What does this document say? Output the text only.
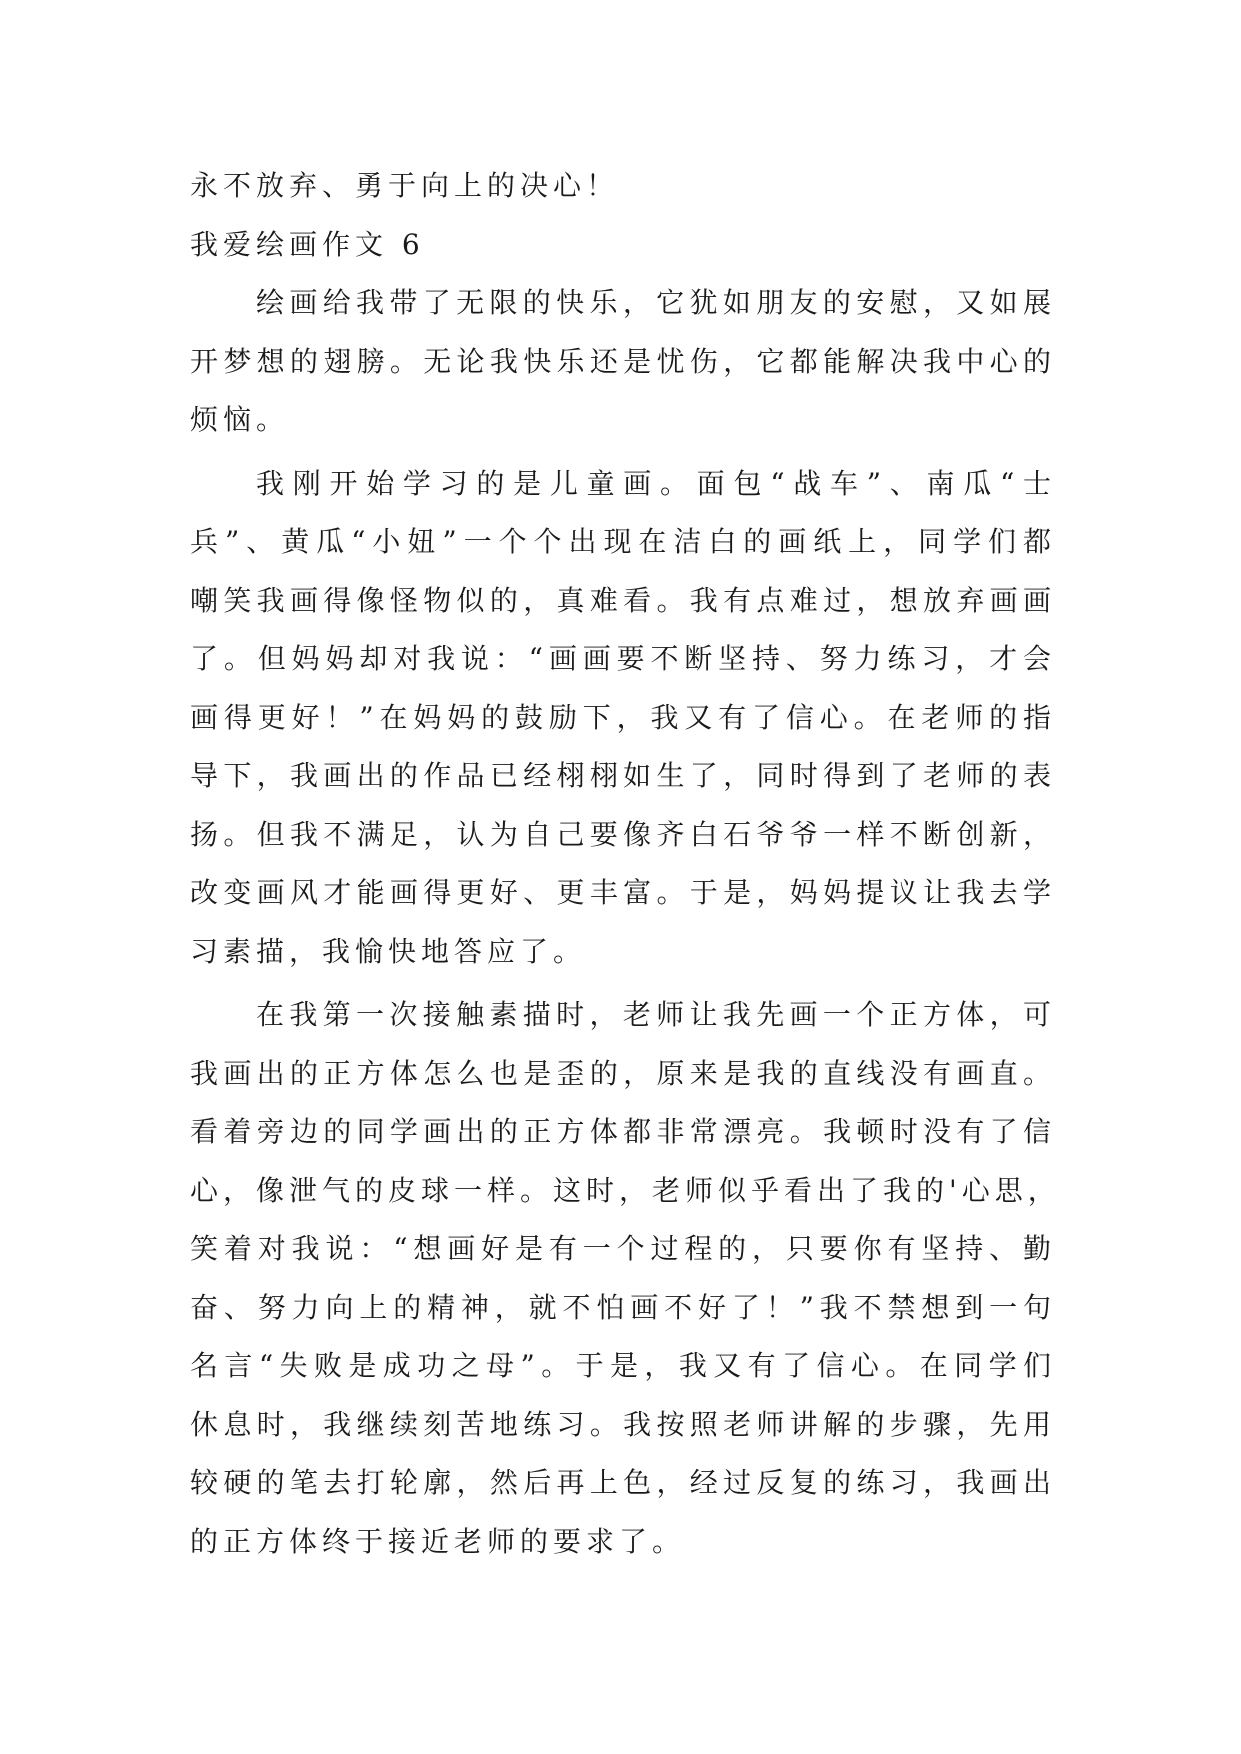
永不放弃、勇于向上的决心！
我爱绘画作文 6
绘画给我带了无限的快乐，它犹如朋友的安慰，又如展
开梦想的翅膀。无论我快乐还是忧伤，它都能解决我中心的
烦恼。
我刚开始学习的是儿童画。面包“战车”、南瓜“士
兵”、黄瓜“小妞”一个个出现在洁白的画纸上，同学们都
嘲笑我画得像怪物似的，真难看。我有点难过，想放弃画画
了。但妈妈却对我说：“画画要不断坚持、努力练习，才会
画得更好！”在妈妈的鼓励下，我又有了信心。在老师的指
导下，我画出的作品已经栩栩如生了，同时得到了老师的表
扬。但我不满足，认为自己要像齐白石爷爷一样不断创新，
改变画风才能画得更好、更丰富。于是，妈妈提议让我去学
习素描，我愉快地答应了。
在我第一次接触素描时，老师让我先画一个正方体，可
我画出的正方体怎么也是歪的，原来是我的直线没有画直。
看着旁边的同学画出的正方体都非常漂亮。我顿时没有了信
心，像泄气的皮球一样。这时，老师似乎看出了我的'心思，
笑着对我说：“想画好是有一个过程的，只要你有坚持、勤
奋、努力向上的精神，就不怕画不好了！”我不禁想到一句
名言“失败是成功之母”。于是，我又有了信心。在同学们
休息时，我继续刻苦地练习。我按照老师讲解的步骤，先用
较硬的笔去打轮廓，然后再上色，经过反复的练习，我画出
的正方体终于接近老师的要求了。
